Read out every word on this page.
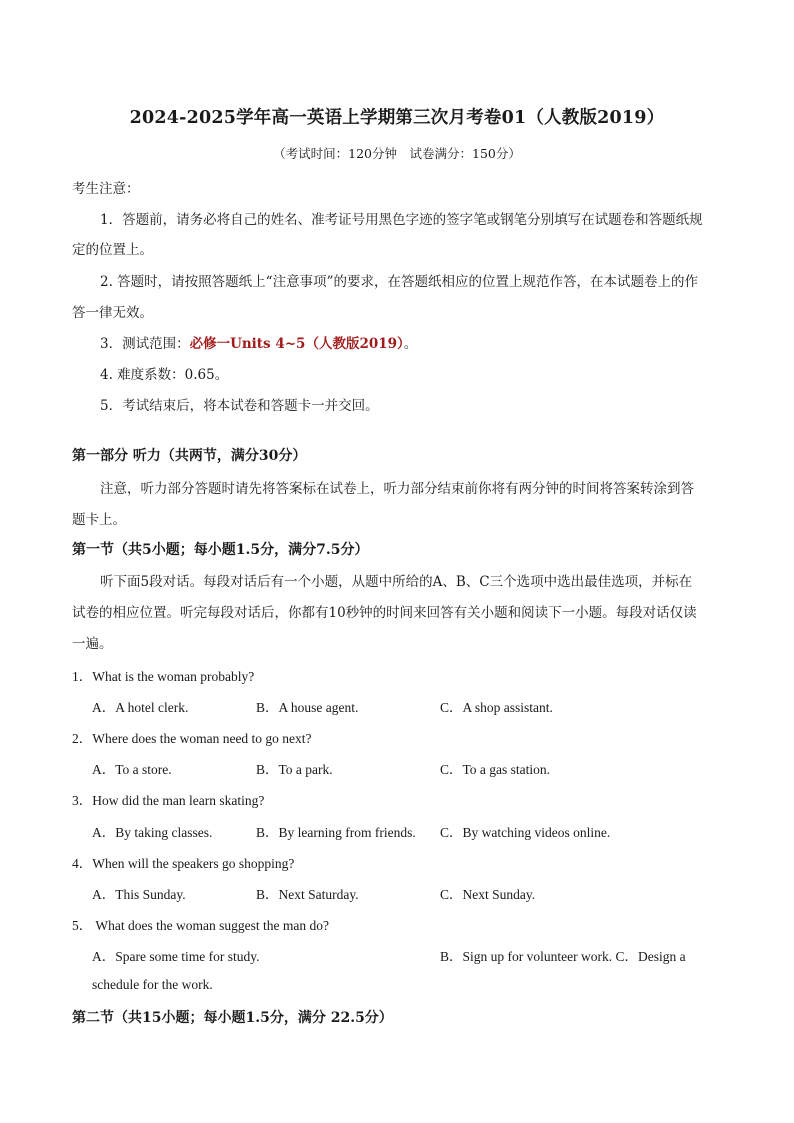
2024-2025学年高一英语上学期第三次月考卷01（人教版2019）
（考试时间：120分钟　试卷满分：150分）
考生注意：
1．答题前，请务必将自己的姓名、准考证号用黑色字迹的签字笔或钢笔分别填写在试题卷和答题纸规
定的位置上。
2. 答题时，请按照答题纸上“注意事项”的要求，在答题纸相应的位置上规范作答，在本试题卷上的作
答一律无效。
3．测试范围：必修一Units 4~5（人教版2019）。
4. 难度系数：0.65。
5．考试结束后，将本试卷和答题卡一并交回。
第一部分 听力（共两节，满分30分）
注意，听力部分答题时请先将答案标在试卷上，听力部分结束前你将有两分钟的时间将答案转涂到答
题卡上。
第一节（共5小题；每小题1.5分，满分7.5分）
听下面5段对话。每段对话后有一个小题，从题中所给的A、B、C三个选项中选出最佳选项，并标在
试卷的相应位置。听完每段对话后，你都有10秒钟的时间来回答有关小题和阅读下一小题。每段对话仅读
一遍。
1．What is the woman probably?
A．A hotel clerk.	B．A house agent.	C．A shop assistant.
2．Where does the woman need to go next?
A．To a store.	B．To a park.	C．To a gas station.
3．How did the man learn skating?
A．By taking classes.	B．By learning from friends. C．By watching videos online.
4．When will the speakers go shopping?
A．This Sunday.	B．Next Saturday.	C．Next Sunday.
5． What does the woman suggest the man do?
A．Spare some time for study.	B．Sign up for volunteer work. C．Design a
schedule for the work.
第二节（共15小题；每小题1.5分，满分 22.5分）
